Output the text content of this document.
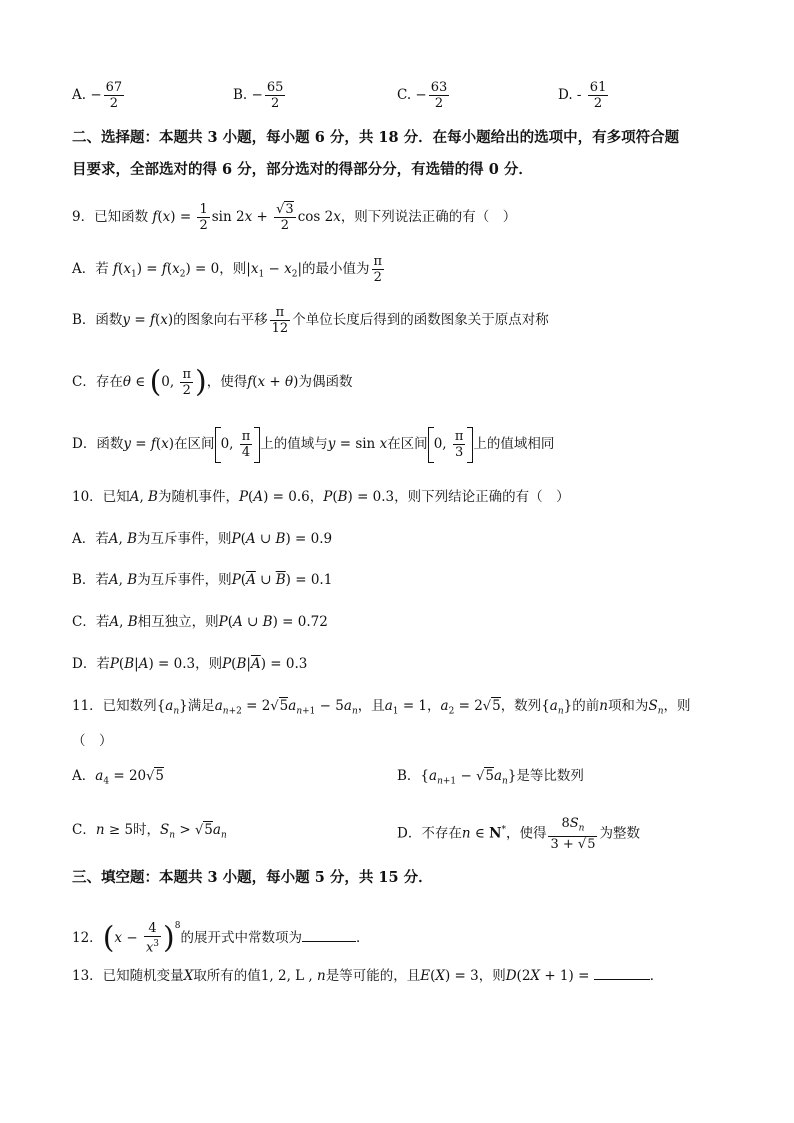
A. − $\frac{67}{2}$	B. − $\frac{65}{2}$	C. − $\frac{63}{2}$	D. - $\frac{61}{2}$
二、选择题：本题共 3 小题，每小题 6 分，共 18 分．在每小题给出的选项中，有多项符合题
目要求，全部选对的得 6 分，部分选对的得部分分，有选错的得 0 分．
9．已知函数 $f(x) = \frac{1}{2}$ $\sin 2x + \frac{√3}{2}$ cos 2x，则下列说法正确的有（　）
A．若 $f(x_1) = f(x_2) = 0$，则$|x_1 - x_2|$的最小值为 $\frac{\pi}{2}$
B．函数y = f(x)的图象向右平移 $\frac{\pi}{12}$ 个单位长度后得到的函数图象关于原点对称
C．存在θ ∈ (0, $\frac{\pi}{2}$ )，使得f(x + θ)为偶函数
D．函数y = f(x)在区间 0, $\frac{\pi}{4}$ 上的值域与y = sin x在区间 0, $\frac{\pi}{3}$ 上的值域相同
10．已知A, B为随机事件，P(A) = 0.6，P(B) = 0.3，则下列结论正确的有（　）
A．若A, B为互斥事件，则P(A ∪ B) = 0.9
B．若A, B为互斥事件，则$P(\overline{A}$ ∪ $\overline{B}) = 0.1$
C．若A, B相互独立，则P(A ∪ B) = 0.72
D．若P(B|A) = 0.3，则$P(B|\overline{A}) = 0.3$
11．已知数列$\{a_n\}$满足$a_{n+2} = 2√5a_{n+1} - 5a_n$，且$a_1 = 1$，$a_2 = 2√5$，数列$\{a_n\}$的前n项和为$S_n$，则
（　）
A．$a_4 = 20√5$	B．$\{a_{n+1} - √5a_n\}$是等比数列
C．n ≥ 5时，$S_n > √5a_n$	D．不存在n ∈ N*，使得 $\frac{8S_n}{3 + √5}$ 为整数
三、填空题：本题共 3 小题，每小题 5 分，共 15 分．
12．$(x - \frac{4}{x^3} )^8$的展开式中常数项为	．
13．已知随机变量X取所有的值1, 2, L , n是等可能的，且E(X) = 3，则D(2X + 1) =	．
